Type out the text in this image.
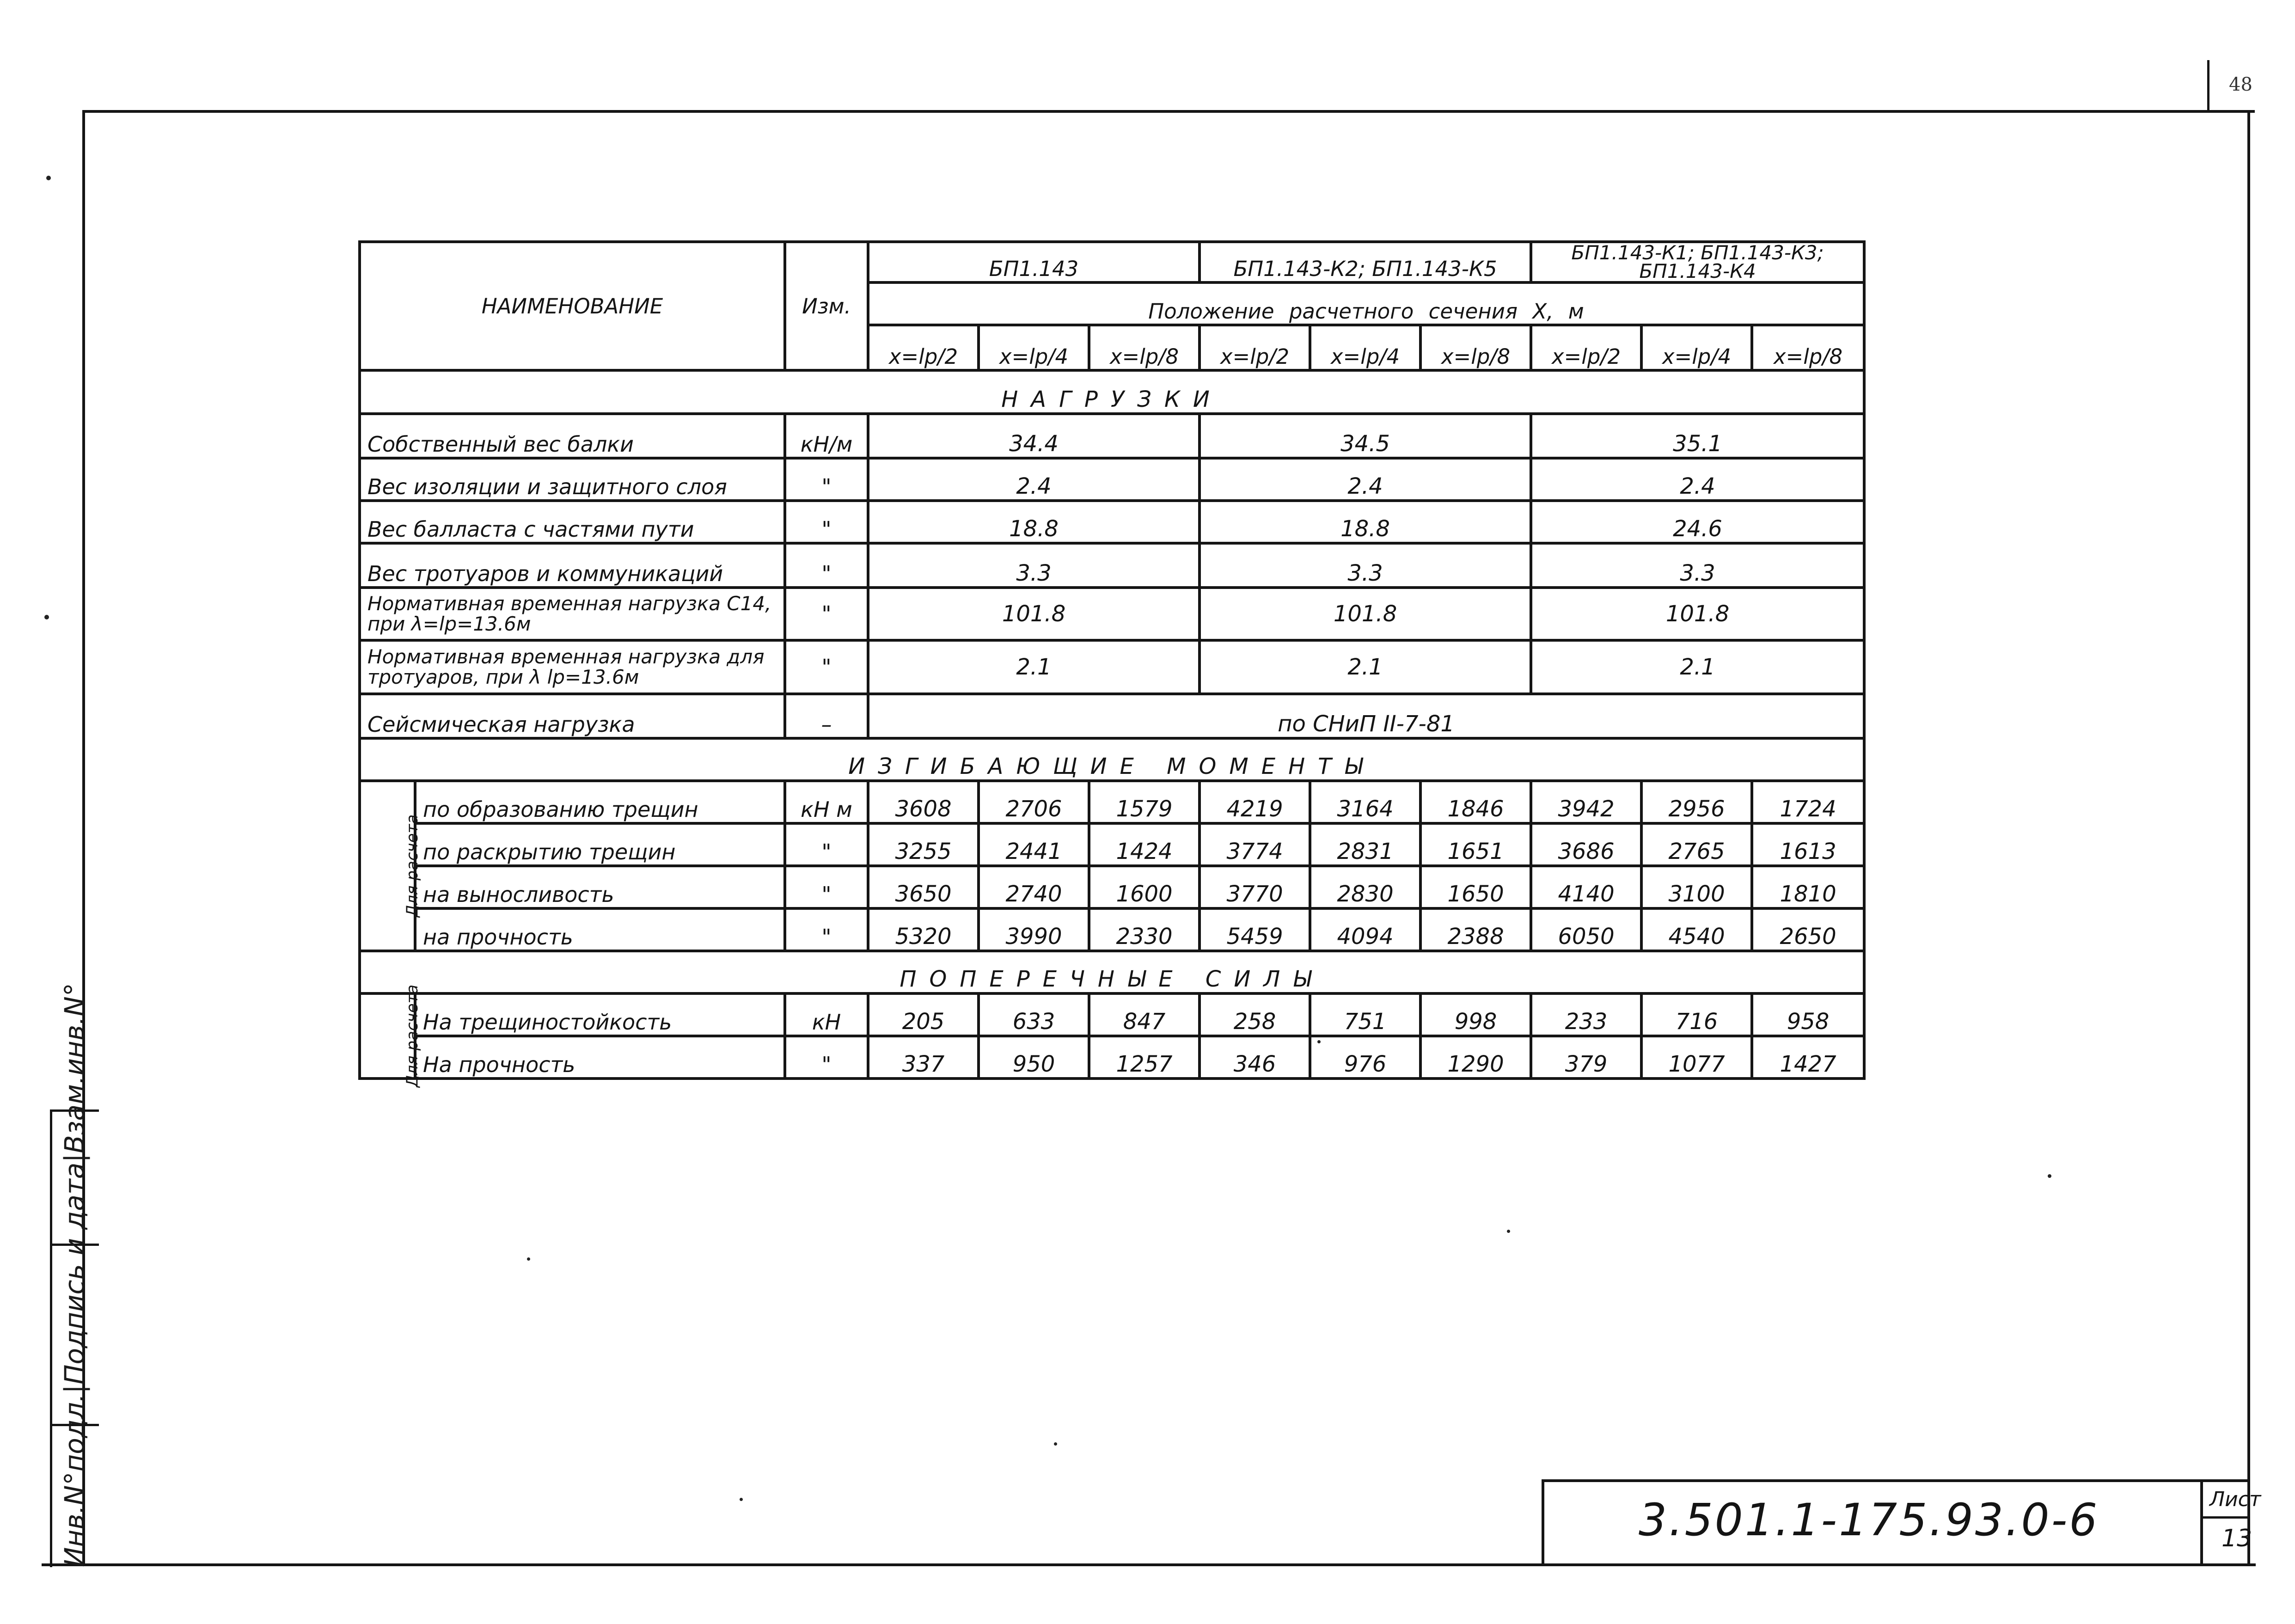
48
Инв.N°подл.|Подпись и дата|Взам.инв.N°
НАИМЕНОВАНИЕ		Изм.	БП1.143			БП1.143-К2; БП1.143-К5			БП1.143-К1; БП1.143-К3; БП1.143-К4		
			Положение расчетного сечения X, м								
			x=lp/2	x=lp/4	x=lp/8	x=lp/2	x=lp/4	x=lp/8	x=lp/2	x=lp/4	x=lp/8
НАГРУЗКИ											
Собственный вес балки		кН/м	34.4			34.5			35.1		
Вес изоляции и защитного слоя		"	2.4			2.4			2.4		
Вес балласта с частями пути		"	18.8			18.8			24.6		
Вес тротуаров и коммуникаций		"	3.3			3.3			3.3		
Нормативная временная нагрузка С14, при λ=lp=13.6м		"	101.8			101.8			101.8		
Нормативная временная нагрузка для тротуаров, при λ lp=13.6м		"	2.1			2.1			2.1		
Сейсмическая нагрузка		–	по СНиП II-7-81								
ИЗГИБАЮЩИЕ МОМЕНТЫ											
Для расчета	по образованию трещин	кН м	3608	2706	1579	4219	3164	1846	3942	2956	1724
	по раскрытию трещин	"	3255	2441	1424	3774	2831	1651	3686	2765	1613
	на выносливость	"	3650	2740	1600	3770	2830	1650	4140	3100	1810
	на прочность	"	5320	3990	2330	5459	4094	2388	6050	4540	2650
ПОПЕРЕЧНЫЕ СИЛЫ											
Для расчета	На трещиностойкость	кН	205	633	847	258	751	998	233	716	958
	На прочность	"	337	950	1257	346	976	1290	379	1077	1427
3.501.1-175.93.0-6	Лист
13
